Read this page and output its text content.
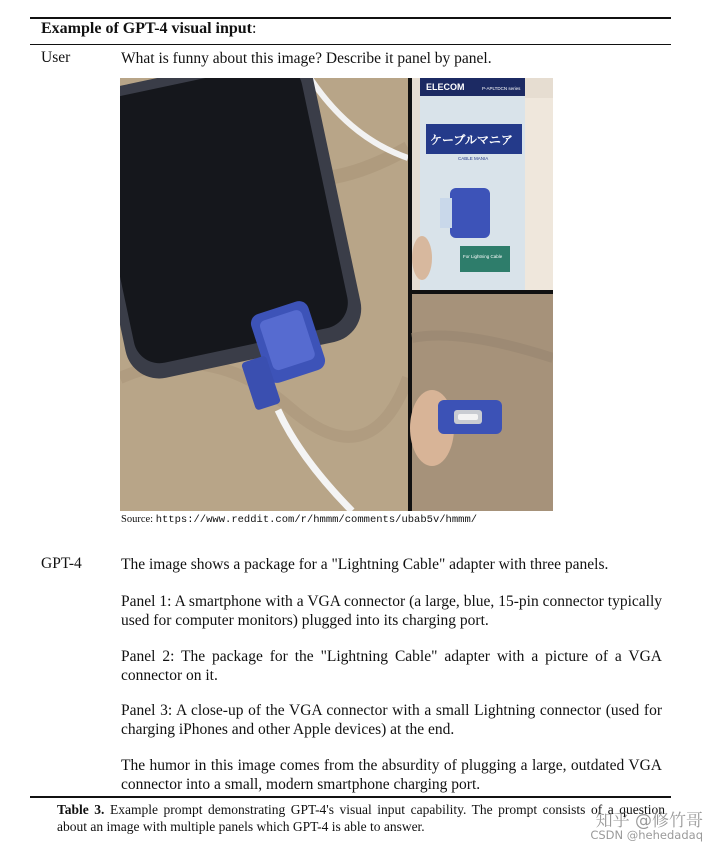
Example of GPT-4 visual input:
User	What is funny about this image? Describe it panel by panel.
ELECOM	P-APLTDCN series
ケーブルマニア
CABLE MANIA
For Lightning Cable
Source: https://www.reddit.com/r/hmmm/comments/ubab5v/hmmm/
GPT-4	The image shows a package for a "Lightning Cable" adapter with three panels.
Panel 1: A smartphone with a VGA connector (a large, blue, 15-pin connector typically used for computer monitors) plugged into its charging port.
Panel 2: The package for the "Lightning Cable" adapter with a picture of a VGA connector on it.
Panel 3: A close-up of the VGA connector with a small Lightning connector (used for charging iPhones and other Apple devices) at the end.
The humor in this image comes from the absurdity of plugging a large, outdated VGA connector into a small, modern smartphone charging port.
Table 3. Example prompt demonstrating GPT-4's visual input capability. The prompt consists of a question about an image with multiple panels which GPT-4 is able to answer.	知乎 @修竹哥
CSDN @hehedadaq
